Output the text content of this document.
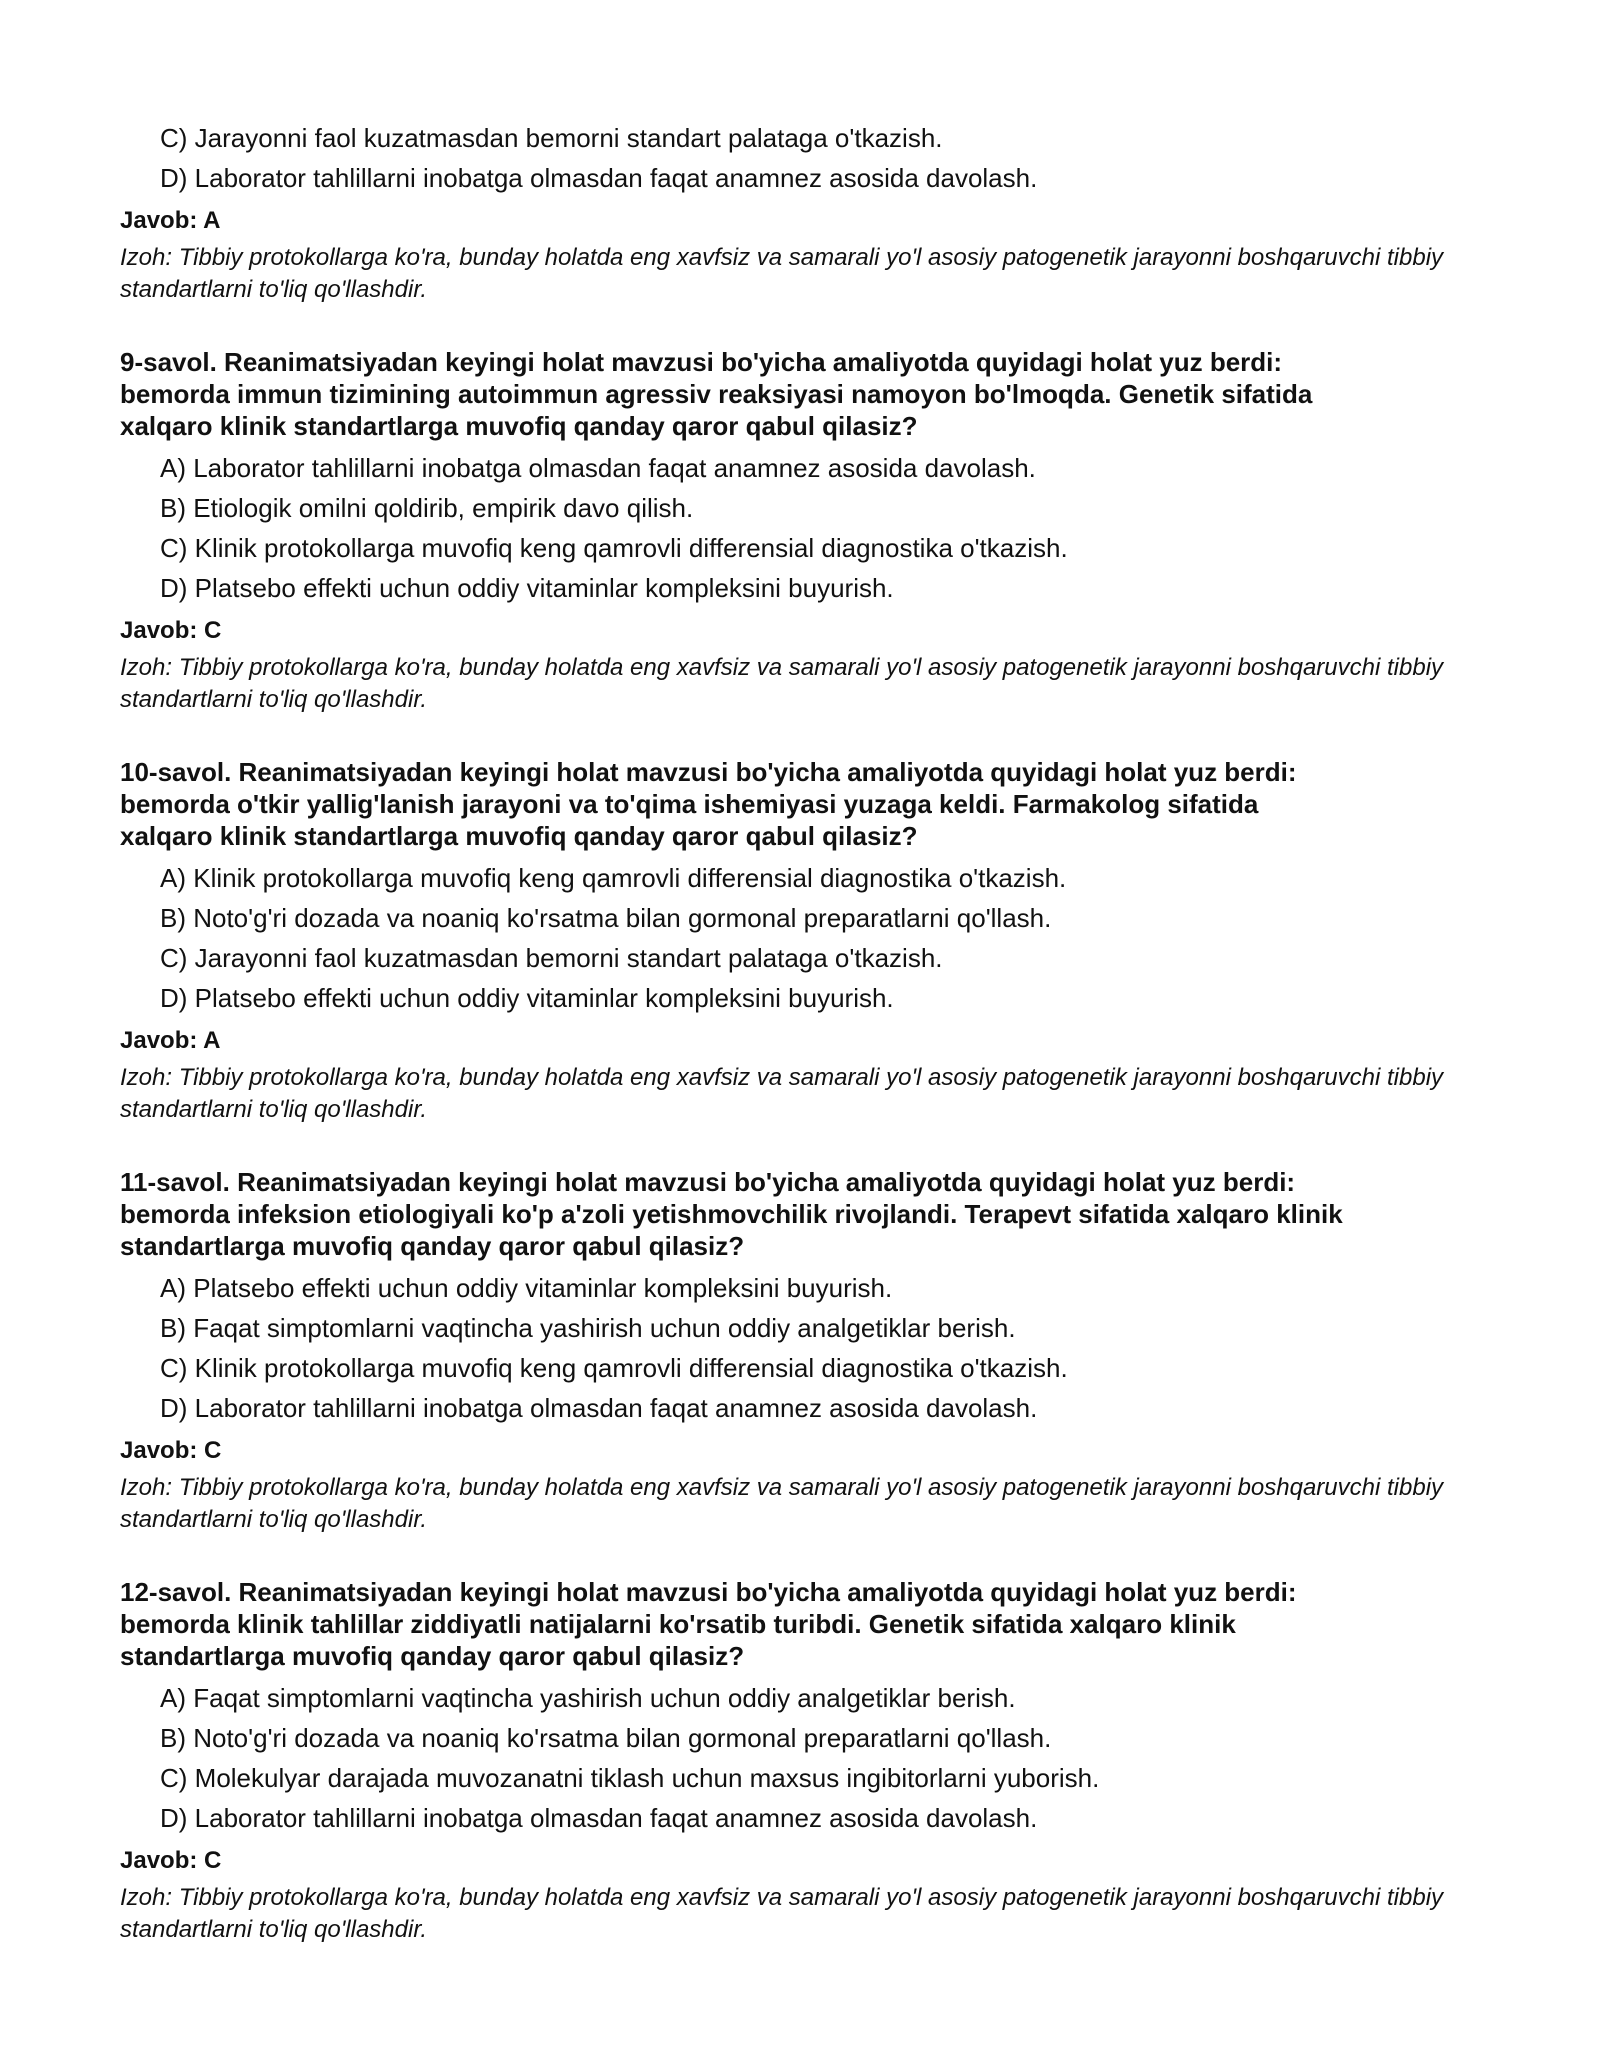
C) Jarayonni faol kuzatmasdan bemorni standart palataga o'tkazish.
D) Laborator tahlillarni inobatga olmasdan faqat anamnez asosida davolash.
Javob: A
Izoh: Tibbiy protokollarga ko'ra, bunday holatda eng xavfsiz va samarali yo'l asosiy patogenetik jarayonni boshqaruvchi tibbiy standartlarni to'liq qo'llashdir.
9-savol. Reanimatsiyadan keyingi holat mavzusi bo'yicha amaliyotda quyidagi holat yuz berdi:
bemorda immun tizimining autoimmun agressiv reaksiyasi namoyon bo'lmoqda. Genetik sifatida
xalqaro klinik standartlarga muvofiq qanday qaror qabul qilasiz?
A) Laborator tahlillarni inobatga olmasdan faqat anamnez asosida davolash.
B) Etiologik omilni qoldirib, empirik davo qilish.
C) Klinik protokollarga muvofiq keng qamrovli differensial diagnostika o'tkazish.
D) Platsebo effekti uchun oddiy vitaminlar kompleksini buyurish.
Javob: C
Izoh: Tibbiy protokollarga ko'ra, bunday holatda eng xavfsiz va samarali yo'l asosiy patogenetik jarayonni boshqaruvchi tibbiy standartlarni to'liq qo'llashdir.
10-savol. Reanimatsiyadan keyingi holat mavzusi bo'yicha amaliyotda quyidagi holat yuz berdi:
bemorda o'tkir yallig'lanish jarayoni va to'qima ishemiyasi yuzaga keldi. Farmakolog sifatida
xalqaro klinik standartlarga muvofiq qanday qaror qabul qilasiz?
A) Klinik protokollarga muvofiq keng qamrovli differensial diagnostika o'tkazish.
B) Noto'g'ri dozada va noaniq ko'rsatma bilan gormonal preparatlarni qo'llash.
C) Jarayonni faol kuzatmasdan bemorni standart palataga o'tkazish.
D) Platsebo effekti uchun oddiy vitaminlar kompleksini buyurish.
Javob: A
Izoh: Tibbiy protokollarga ko'ra, bunday holatda eng xavfsiz va samarali yo'l asosiy patogenetik jarayonni boshqaruvchi tibbiy standartlarni to'liq qo'llashdir.
11-savol. Reanimatsiyadan keyingi holat mavzusi bo'yicha amaliyotda quyidagi holat yuz berdi:
bemorda infeksion etiologiyali ko'p a'zoli yetishmovchilik rivojlandi. Terapevt sifatida xalqaro klinik
standartlarga muvofiq qanday qaror qabul qilasiz?
A) Platsebo effekti uchun oddiy vitaminlar kompleksini buyurish.
B) Faqat simptomlarni vaqtincha yashirish uchun oddiy analgetiklar berish.
C) Klinik protokollarga muvofiq keng qamrovli differensial diagnostika o'tkazish.
D) Laborator tahlillarni inobatga olmasdan faqat anamnez asosida davolash.
Javob: C
Izoh: Tibbiy protokollarga ko'ra, bunday holatda eng xavfsiz va samarali yo'l asosiy patogenetik jarayonni boshqaruvchi tibbiy standartlarni to'liq qo'llashdir.
12-savol. Reanimatsiyadan keyingi holat mavzusi bo'yicha amaliyotda quyidagi holat yuz berdi:
bemorda klinik tahlillar ziddiyatli natijalarni ko'rsatib turibdi. Genetik sifatida xalqaro klinik
standartlarga muvofiq qanday qaror qabul qilasiz?
A) Faqat simptomlarni vaqtincha yashirish uchun oddiy analgetiklar berish.
B) Noto'g'ri dozada va noaniq ko'rsatma bilan gormonal preparatlarni qo'llash.
C) Molekulyar darajada muvozanatni tiklash uchun maxsus ingibitorlarni yuborish.
D) Laborator tahlillarni inobatga olmasdan faqat anamnez asosida davolash.
Javob: C
Izoh: Tibbiy protokollarga ko'ra, bunday holatda eng xavfsiz va samarali yo'l asosiy patogenetik jarayonni boshqaruvchi tibbiy standartlarni to'liq qo'llashdir.
